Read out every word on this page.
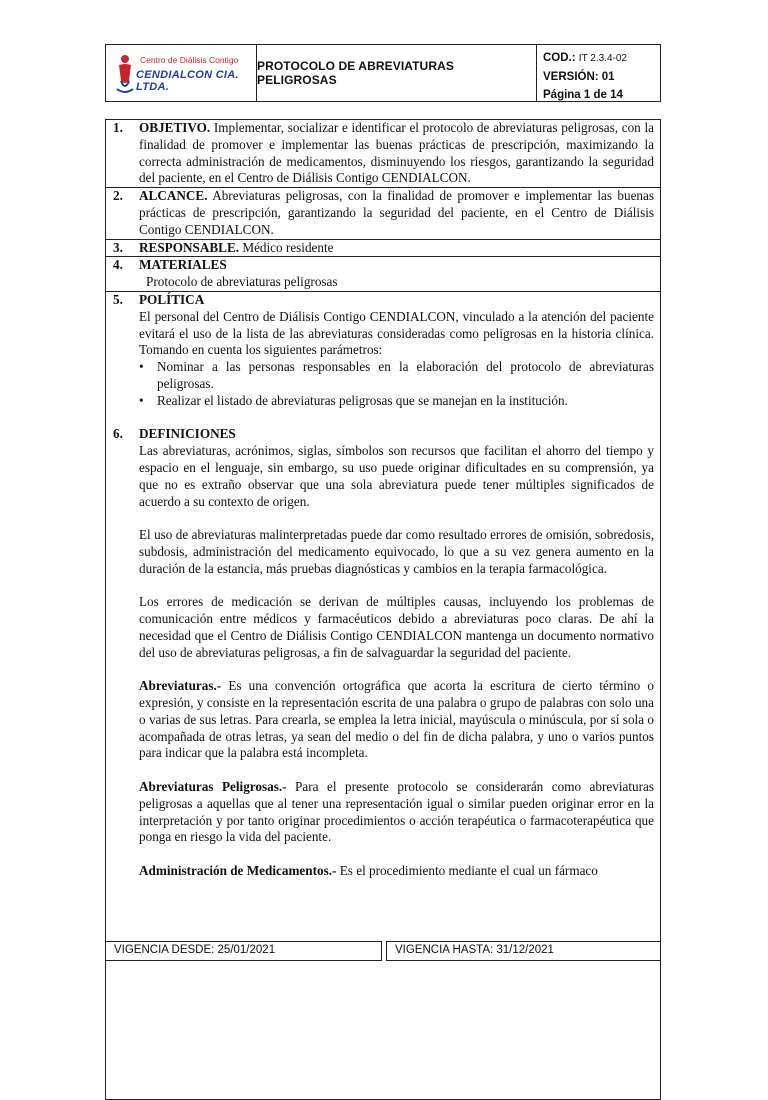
Centro de Diálisis Contigo
CENDIALCON CIA. LTDA.
PROTOCOLO DE ABREVIATURAS PELIGROSAS
COD.: IT 2.3.4-02
VERSIÓN: 01
Página 1 de 14
1.	OBJETIVO. Implementar, socializar e identificar el protocolo de abreviaturas peligrosas, con la finalidad de promover e implementar las buenas prácticas de prescripción, maximizando la correcta administración de medicamentos, disminuyendo los riesgos, garantizando la seguridad del paciente, en el Centro de Diálisis Contigo CENDIALCON.
2.	ALCANCE. Abreviaturas peligrosas, con la finalidad de promover e implementar las buenas prácticas de prescripción, garantizando la seguridad del paciente, en el Centro de Diálisis Contigo CENDIALCON.
3.	RESPONSABLE. Médico residente
4.	MATERIALES
Protocolo de abreviaturas peligrosas
5.	POLÍTICA
El personal del Centro de Diálisis Contigo CENDIALCON, vinculado a la atención del paciente evitará el uso de la lista de las abreviaturas consideradas como peligrosas en la historia clínica. Tomando en cuenta los siguientes parámetros:
• Nominar a las personas responsables en la elaboración del protocolo de abreviaturas peligrosas.
• Realizar el listado de abreviaturas peligrosas que se manejan en la institución.
6.	DEFINICIONES
Las abreviaturas, acrónimos, siglas, símbolos son recursos que facilitan el ahorro del tiempo y espacio en el lenguaje, sin embargo, su uso puede originar dificultades en su comprensión, ya que no es extraño observar que una sola abreviatura puede tener múltiples significados de acuerdo a su contexto de origen.
El uso de abreviaturas malinterpretadas puede dar como resultado errores de omisión, sobredosis, subdosis, administración del medicamento equivocado, lo que a su vez genera aumento en la duración de la estancia, más pruebas diagnósticas y cambios en la terapia farmacológica.
Los errores de medicación se derivan de múltiples causas, incluyendo los problemas de comunicación entre médicos y farmacéuticos debido a abreviaturas poco claras. De ahí la necesidad que el Centro de Diálisis Contigo CENDIALCON mantenga un documento normativo del uso de abreviaturas peligrosas, a fin de salvaguardar la seguridad del paciente.
Abreviaturas.- Es una convención ortográfica que acorta la escritura de cierto término o expresión, y consiste en la representación escrita de una palabra o grupo de palabras con solo una o varias de sus letras. Para crearla, se emplea la letra inicial, mayúscula o minúscula, por sí sola o acompañada de otras letras, ya sean del medio o del fin de dicha palabra, y uno o varios puntos para indicar que la palabra está incompleta.
Abreviaturas Peligrosas.- Para el presente protocolo se considerarán como abreviaturas peligrosas a aquellas que al tener una representación igual o similar pueden originar error en la interpretación y por tanto originar procedimientos o acción terapéutica o farmacoterapéutica que ponga en riesgo la vida del paciente.
Administración de Medicamentos.- Es el procedimiento mediante el cual un fármaco
VIGENCIA DESDE: 25/01/2021	VIGENCIA HASTA: 31/12/2021
